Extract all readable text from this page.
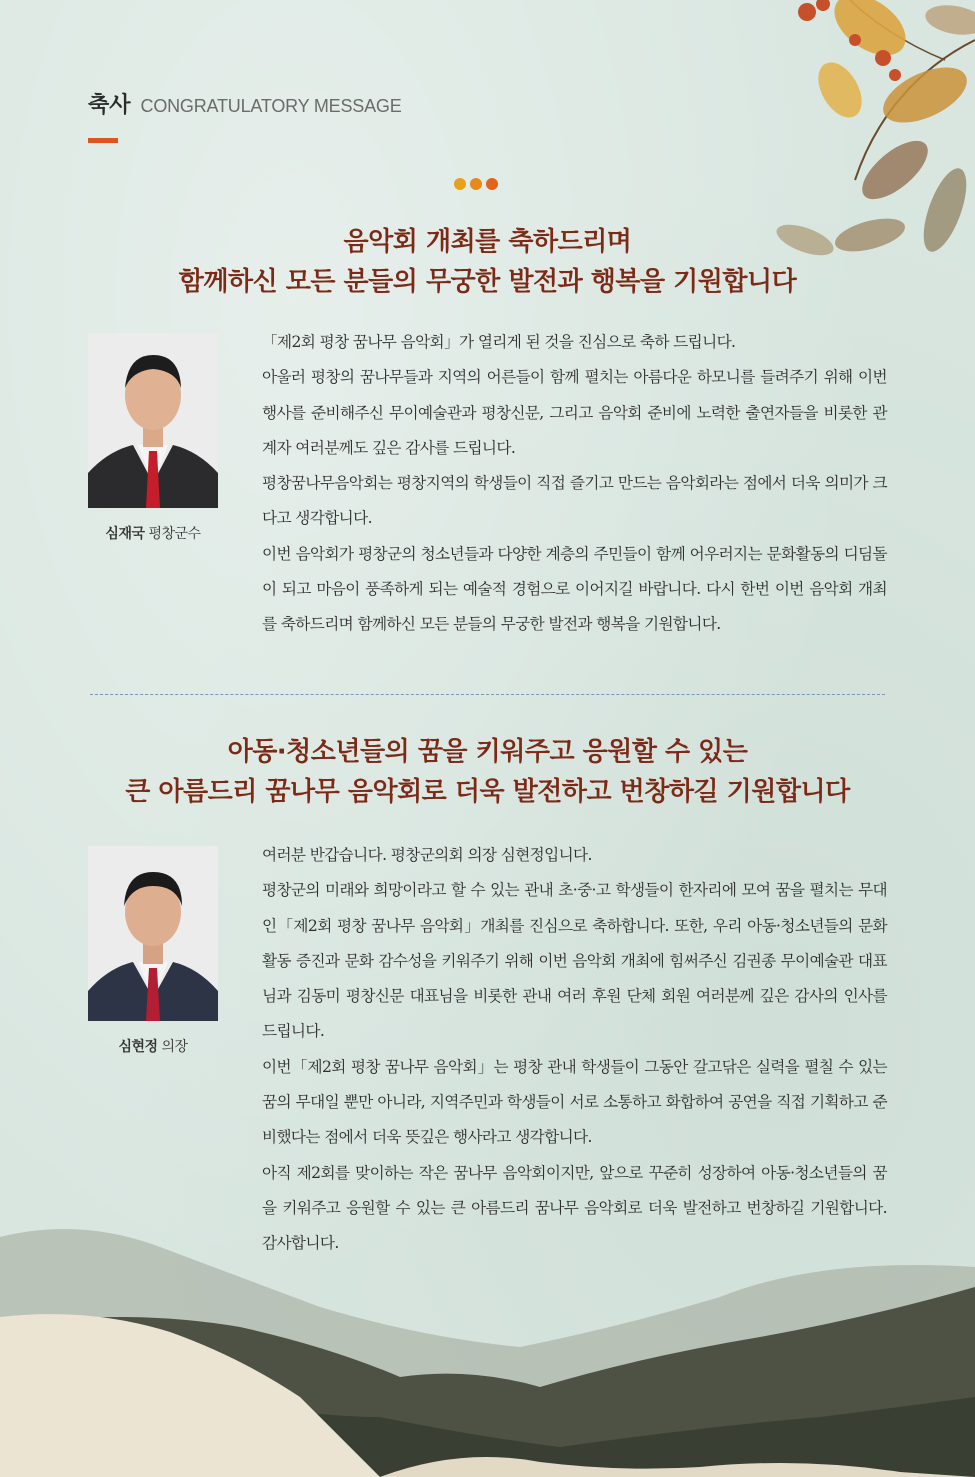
축사 CONGRATULATORY MESSAGE
음악회 개최를 축하드리며
함께하신 모든 분들의 무궁한 발전과 행복을 기원합니다
심재국 평창군수

「제2회 평창 꿈나무 음악회」가 열리게 된 것을 진심으로 축하 드립니다.

아울러 평창의 꿈나무들과 지역의 어른들이 함께 펼치는 아름다운 하모니를 들려주기 위해 이번 행사를 준비해주신 무이예술관과 평창신문, 그리고 음악회 준비에 노력한 출연자들을 비롯한 관계자 여러분께도 깊은 감사를 드립니다.

평창꿈나무음악회는 평창지역의 학생들이 직접 즐기고 만드는 음악회라는 점에서 더욱 의미가 크다고 생각합니다.

이번 음악회가 평창군의 청소년들과 다양한 계층의 주민들이 함께 어우러지는 문화활동의 디딤돌이 되고 마음이 풍족하게 되는 예술적 경험으로 이어지길 바랍니다. 다시 한번 이번 음악회 개최를 축하드리며 함께하신 모든 분들의 무궁한 발전과 행복을 기원합니다.

아동·청소년들의 꿈을 키워주고 응원할 수 있는
큰 아름드리 꿈나무 음악회로 더욱 발전하고 번창하길 기원합니다
심현정 의장

여러분 반갑습니다. 평창군의회 의장 심현정입니다.

평창군의 미래와 희망이라고 할 수 있는 관내 초·중·고 학생들이 한자리에 모여 꿈을 펼치는 무대인「제2회 평창 꿈나무 음악회」개최를 진심으로 축하합니다. 또한, 우리 아동·청소년들의 문화 활동 증진과 문화 감수성을 키워주기 위해 이번 음악회 개최에 힘써주신 김권종 무이예술관 대표님과 김동미 평창신문 대표님을 비롯한 관내 여러 후원 단체 회원 여러분께 깊은 감사의 인사를 드립니다.

이번「제2회 평창 꿈나무 음악회」는 평창 관내 학생들이 그동안 갈고닦은 실력을 펼칠 수 있는 꿈의 무대일 뿐만 아니라, 지역주민과 학생들이 서로 소통하고 화합하여 공연을 직접 기획하고 준비했다는 점에서 더욱 뜻깊은 행사라고 생각합니다.

아직 제2회를 맞이하는 작은 꿈나무 음악회이지만, 앞으로 꾸준히 성장하여 아동·청소년들의 꿈을 키워주고 응원할 수 있는 큰 아름드리 꿈나무 음악회로 더욱 발전하고 번창하길 기원합니다. 감사합니다.
